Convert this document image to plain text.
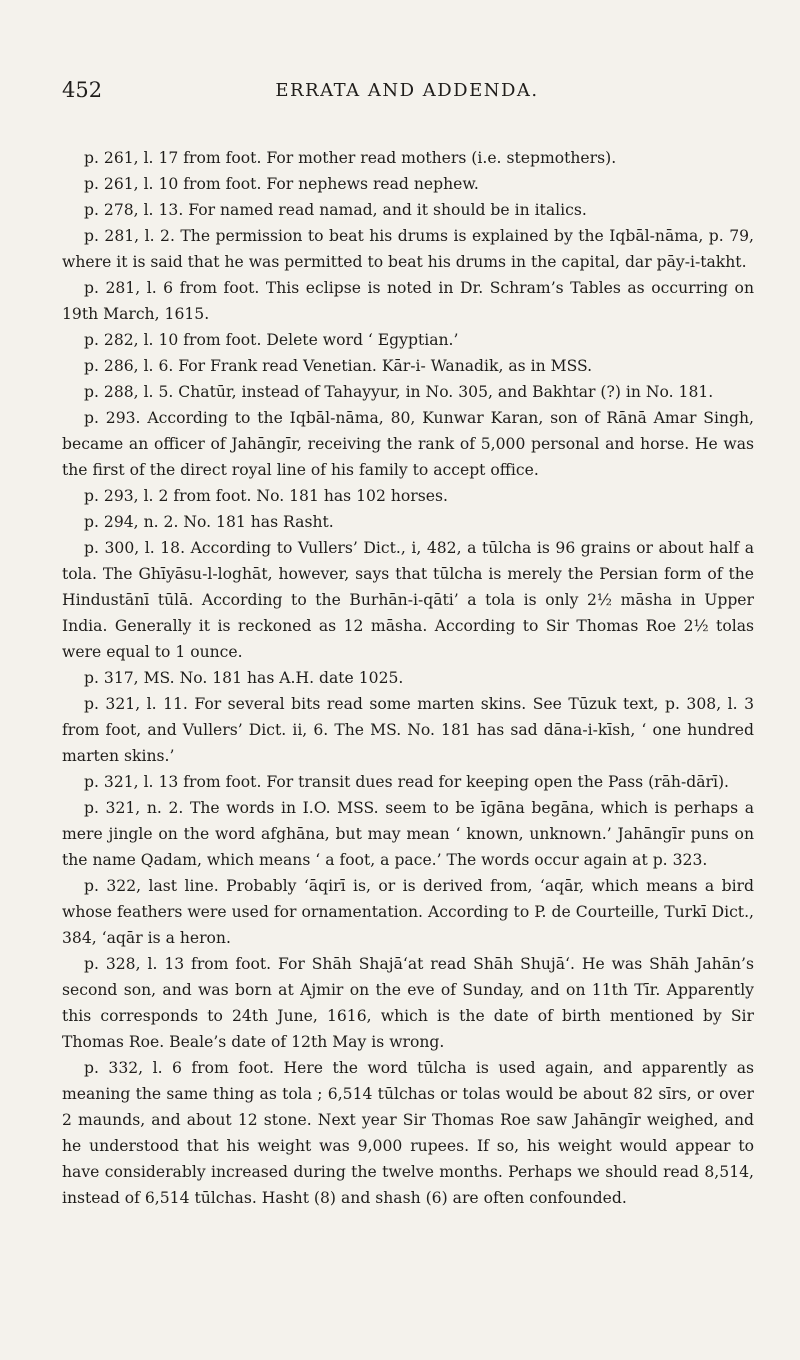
452	ERRATA AND ADDENDA.

p. 261, l. 17 from foot. For mother read mothers (i.e. stepmothers).

p. 261, l. 10 from foot. For nephews read nephew.

p. 278, l. 13. For named read namad, and it should be in italics.

p. 281, l. 2. The permission to beat his drums is explained by the Iqbāl-nāma, p. 79, where it is said that he was permitted to beat his drums in the capital, dar pāy-i-takht.

p. 281, l. 6 from foot. This eclipse is noted in Dr. Schram’s Tables as occurring on 19th March, 1615.

p. 282, l. 10 from foot. Delete word ‘ Egyptian.’

p. 286, l. 6. For Frank read Venetian. Kār-i- Wanadik, as in MSS.

p. 288, l. 5. Chatūr, instead of Tahayyur, in No. 305, and Bakhtar (?) in No. 181.

p. 293. According to the Iqbāl-nāma, 80, Kunwar Karan, son of Rānā Amar Singh, became an officer of Jahāngīr, receiving the rank of 5,000 personal and horse. He was the first of the direct royal line of his family to accept office.

p. 293, l. 2 from foot. No. 181 has 102 horses.

p. 294, n. 2. No. 181 has Rasht.

p. 300, l. 18. According to Vullers’ Dict., i, 482, a tūlcha is 96 grains or about half a tola. The Ghīyāsu-l-loghāt, however, says that tūlcha is merely the Persian form of the Hindustānī tūlā. According to the Burhān-i-qāti’ a tola is only 2½ māsha in Upper India. Generally it is reckoned as 12 māsha. According to Sir Thomas Roe 2½ tolas were equal to 1 ounce.

p. 317, MS. No. 181 has A.H. date 1025.

p. 321, l. 11. For several bits read some marten skins. See Tūzuk text, p. 308, l. 3 from foot, and Vullers’ Dict. ii, 6. The MS. No. 181 has sad dāna-i-kīsh, ‘ one hundred marten skins.’

p. 321, l. 13 from foot. For transit dues read for keeping open the Pass (rāh-dārī).

p. 321, n. 2. The words in I.O. MSS. seem to be īgāna begāna, which is perhaps a mere jingle on the word afghāna, but may mean ‘ known, unknown.’ Jahāngīr puns on the name Qadam, which means ‘ a foot, a pace.’ The words occur again at p. 323.

p. 322, last line. Probably ‘āqirī is, or is derived from, ‘aqār, which means a bird whose feathers were used for ornamentation. According to P. de Courteille, Turkī Dict., 384, ‘aqār is a heron.

p. 328, l. 13 from foot. For Shāh Shajā‘at read Shāh Shujā‘. He was Shāh Jahān’s second son, and was born at Ajmir on the eve of Sunday, and on 11th Tīr. Apparently this corresponds to 24th June, 1616, which is the date of birth mentioned by Sir Thomas Roe. Beale’s date of 12th May is wrong.

p. 332, l. 6 from foot. Here the word tūlcha is used again, and apparently as meaning the same thing as tola ; 6,514 tūlchas or tolas would be about 82 sīrs, or over 2 maunds, and about 12 stone. Next year Sir Thomas Roe saw Jahāngīr weighed, and he understood that his weight was 9,000 rupees. If so, his weight would appear to have considerably increased during the twelve months. Perhaps we should read 8,514, instead of 6,514 tūlchas. Hasht (8) and shash (6) are often confounded.
